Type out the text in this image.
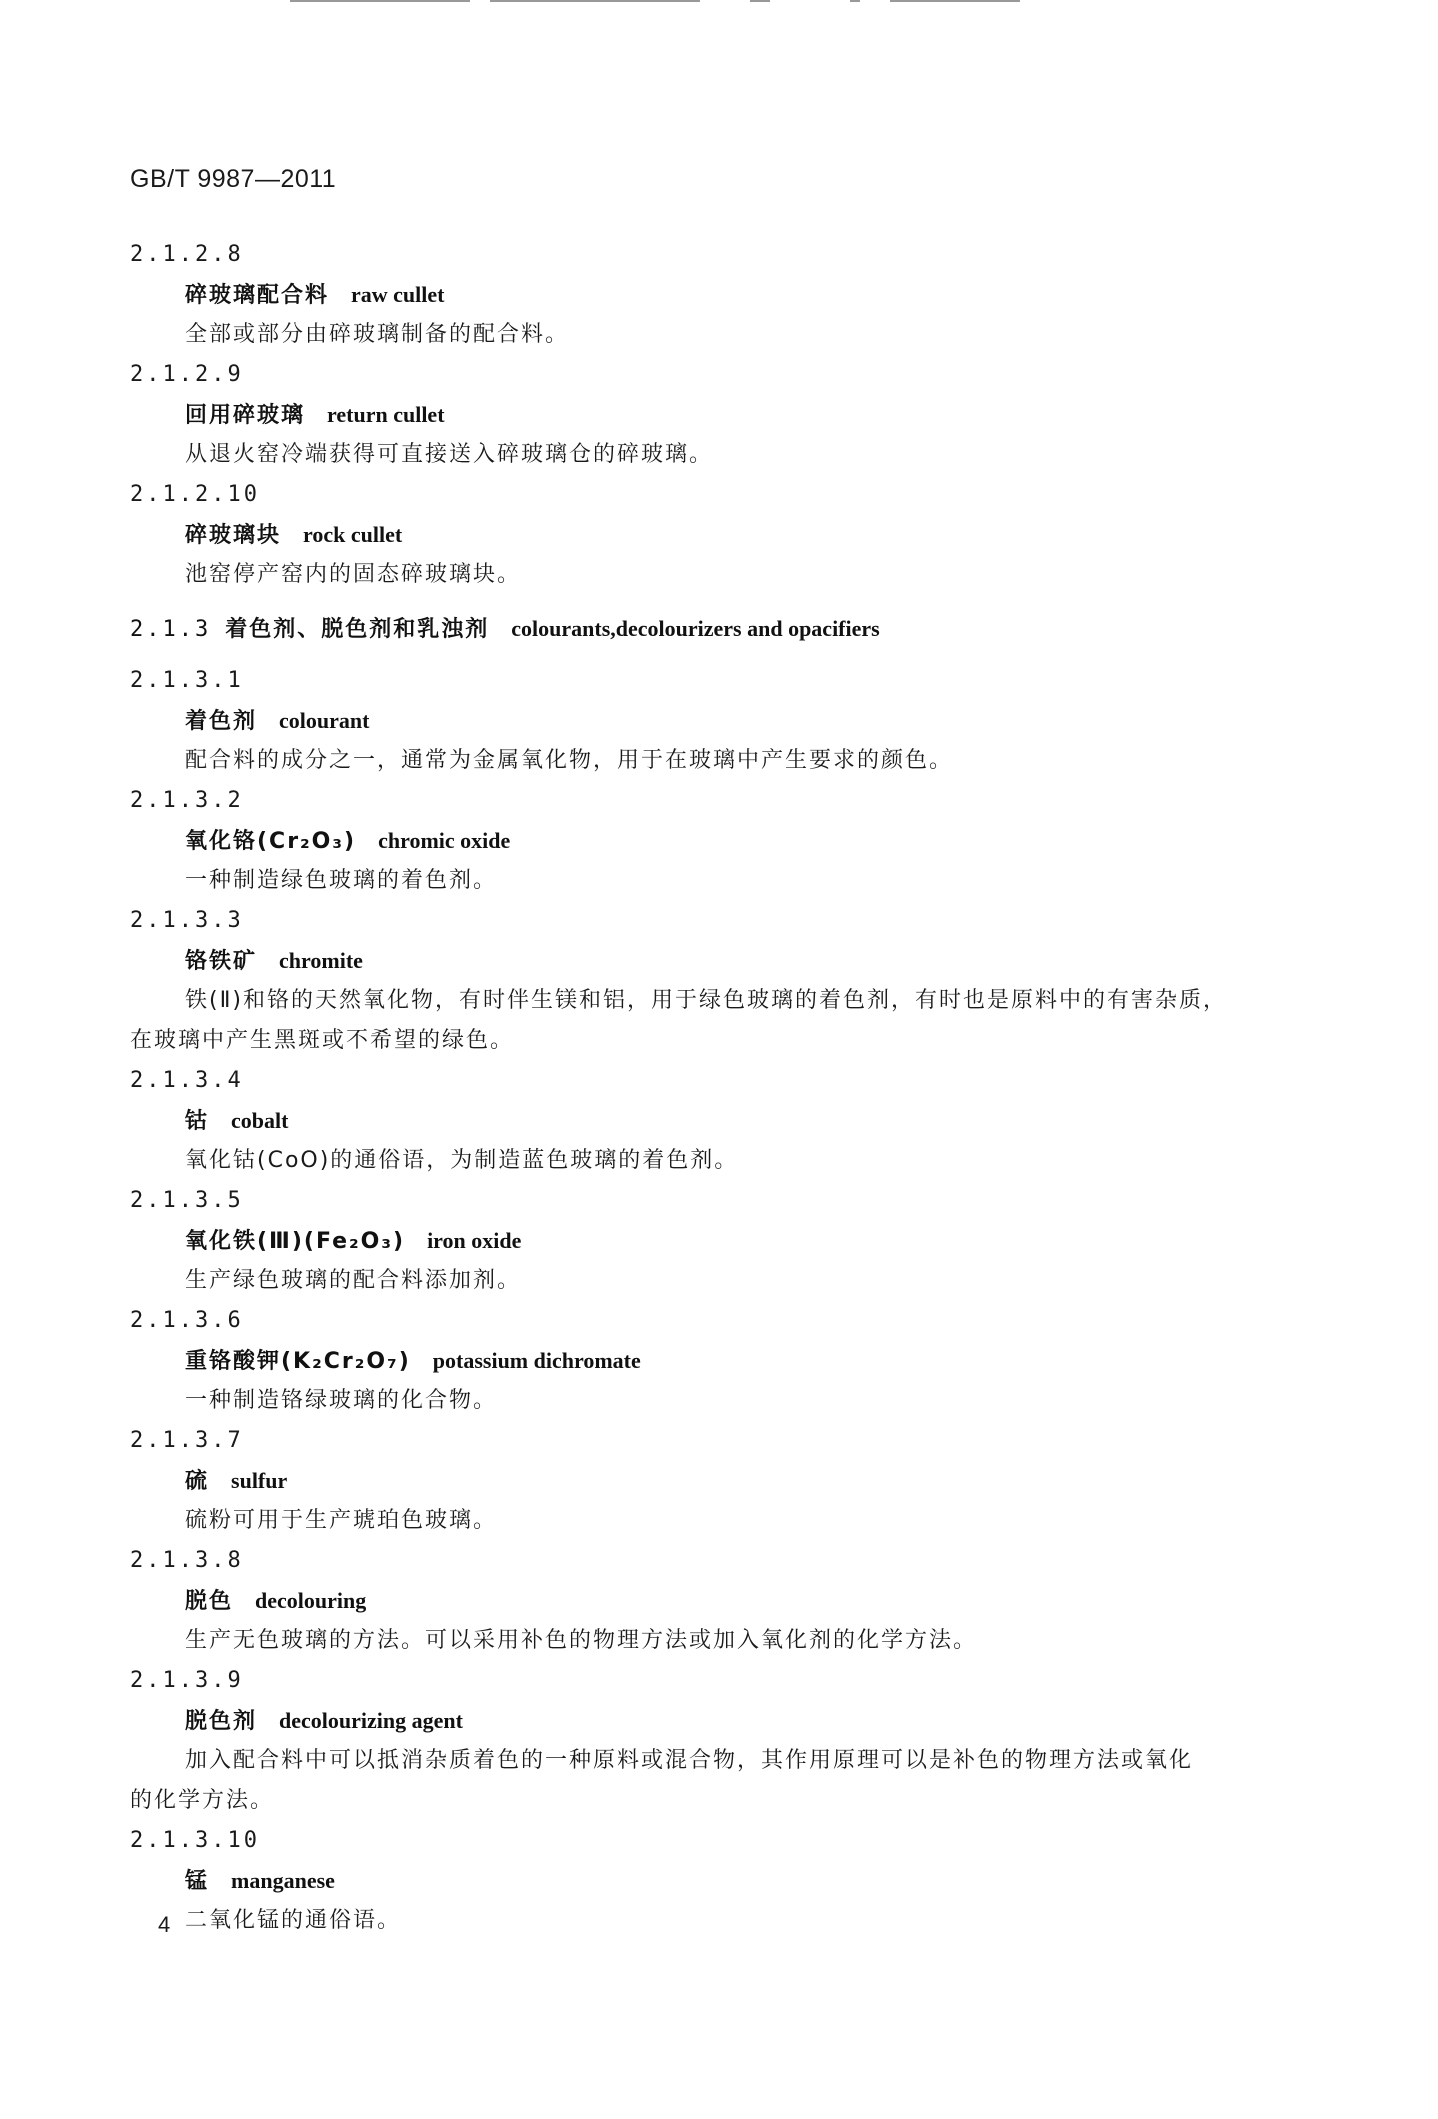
GB/T 9987—2011
2.1.2.8
碎玻璃配合料 raw cullet
全部或部分由碎玻璃制备的配合料。
2.1.2.9
回用碎玻璃 return cullet
从退火窑冷端获得可直接送入碎玻璃仓的碎玻璃。
2.1.2.10
碎玻璃块 rock cullet
池窑停产窑内的固态碎玻璃块。
2.1.3 着色剂、脱色剂和乳浊剂 colourants,decolourizers and opacifiers
2.1.3.1
着色剂 colourant
配合料的成分之一，通常为金属氧化物，用于在玻璃中产生要求的颜色。
2.1.3.2
氧化铬(Cr₂O₃) chromic oxide
一种制造绿色玻璃的着色剂。
2.1.3.3
铬铁矿 chromite
铁(Ⅱ)和铬的天然氧化物，有时伴生镁和铝，用于绿色玻璃的着色剂，有时也是原料中的有害杂质，
在玻璃中产生黑斑或不希望的绿色。
2.1.3.4
钴 cobalt
氧化钴(CoO)的通俗语，为制造蓝色玻璃的着色剂。
2.1.3.5
氧化铁(Ⅲ)(Fe₂O₃) iron oxide
生产绿色玻璃的配合料添加剂。
2.1.3.6
重铬酸钾(K₂Cr₂O₇) potassium dichromate
一种制造铬绿玻璃的化合物。
2.1.3.7
硫 sulfur
硫粉可用于生产琥珀色玻璃。
2.1.3.8
脱色 decolouring
生产无色玻璃的方法。可以采用补色的物理方法或加入氧化剂的化学方法。
2.1.3.9
脱色剂 decolourizing agent
加入配合料中可以抵消杂质着色的一种原料或混合物，其作用原理可以是补色的物理方法或氧化
的化学方法。
2.1.3.10
锰 manganese
二氧化锰的通俗语。
4
